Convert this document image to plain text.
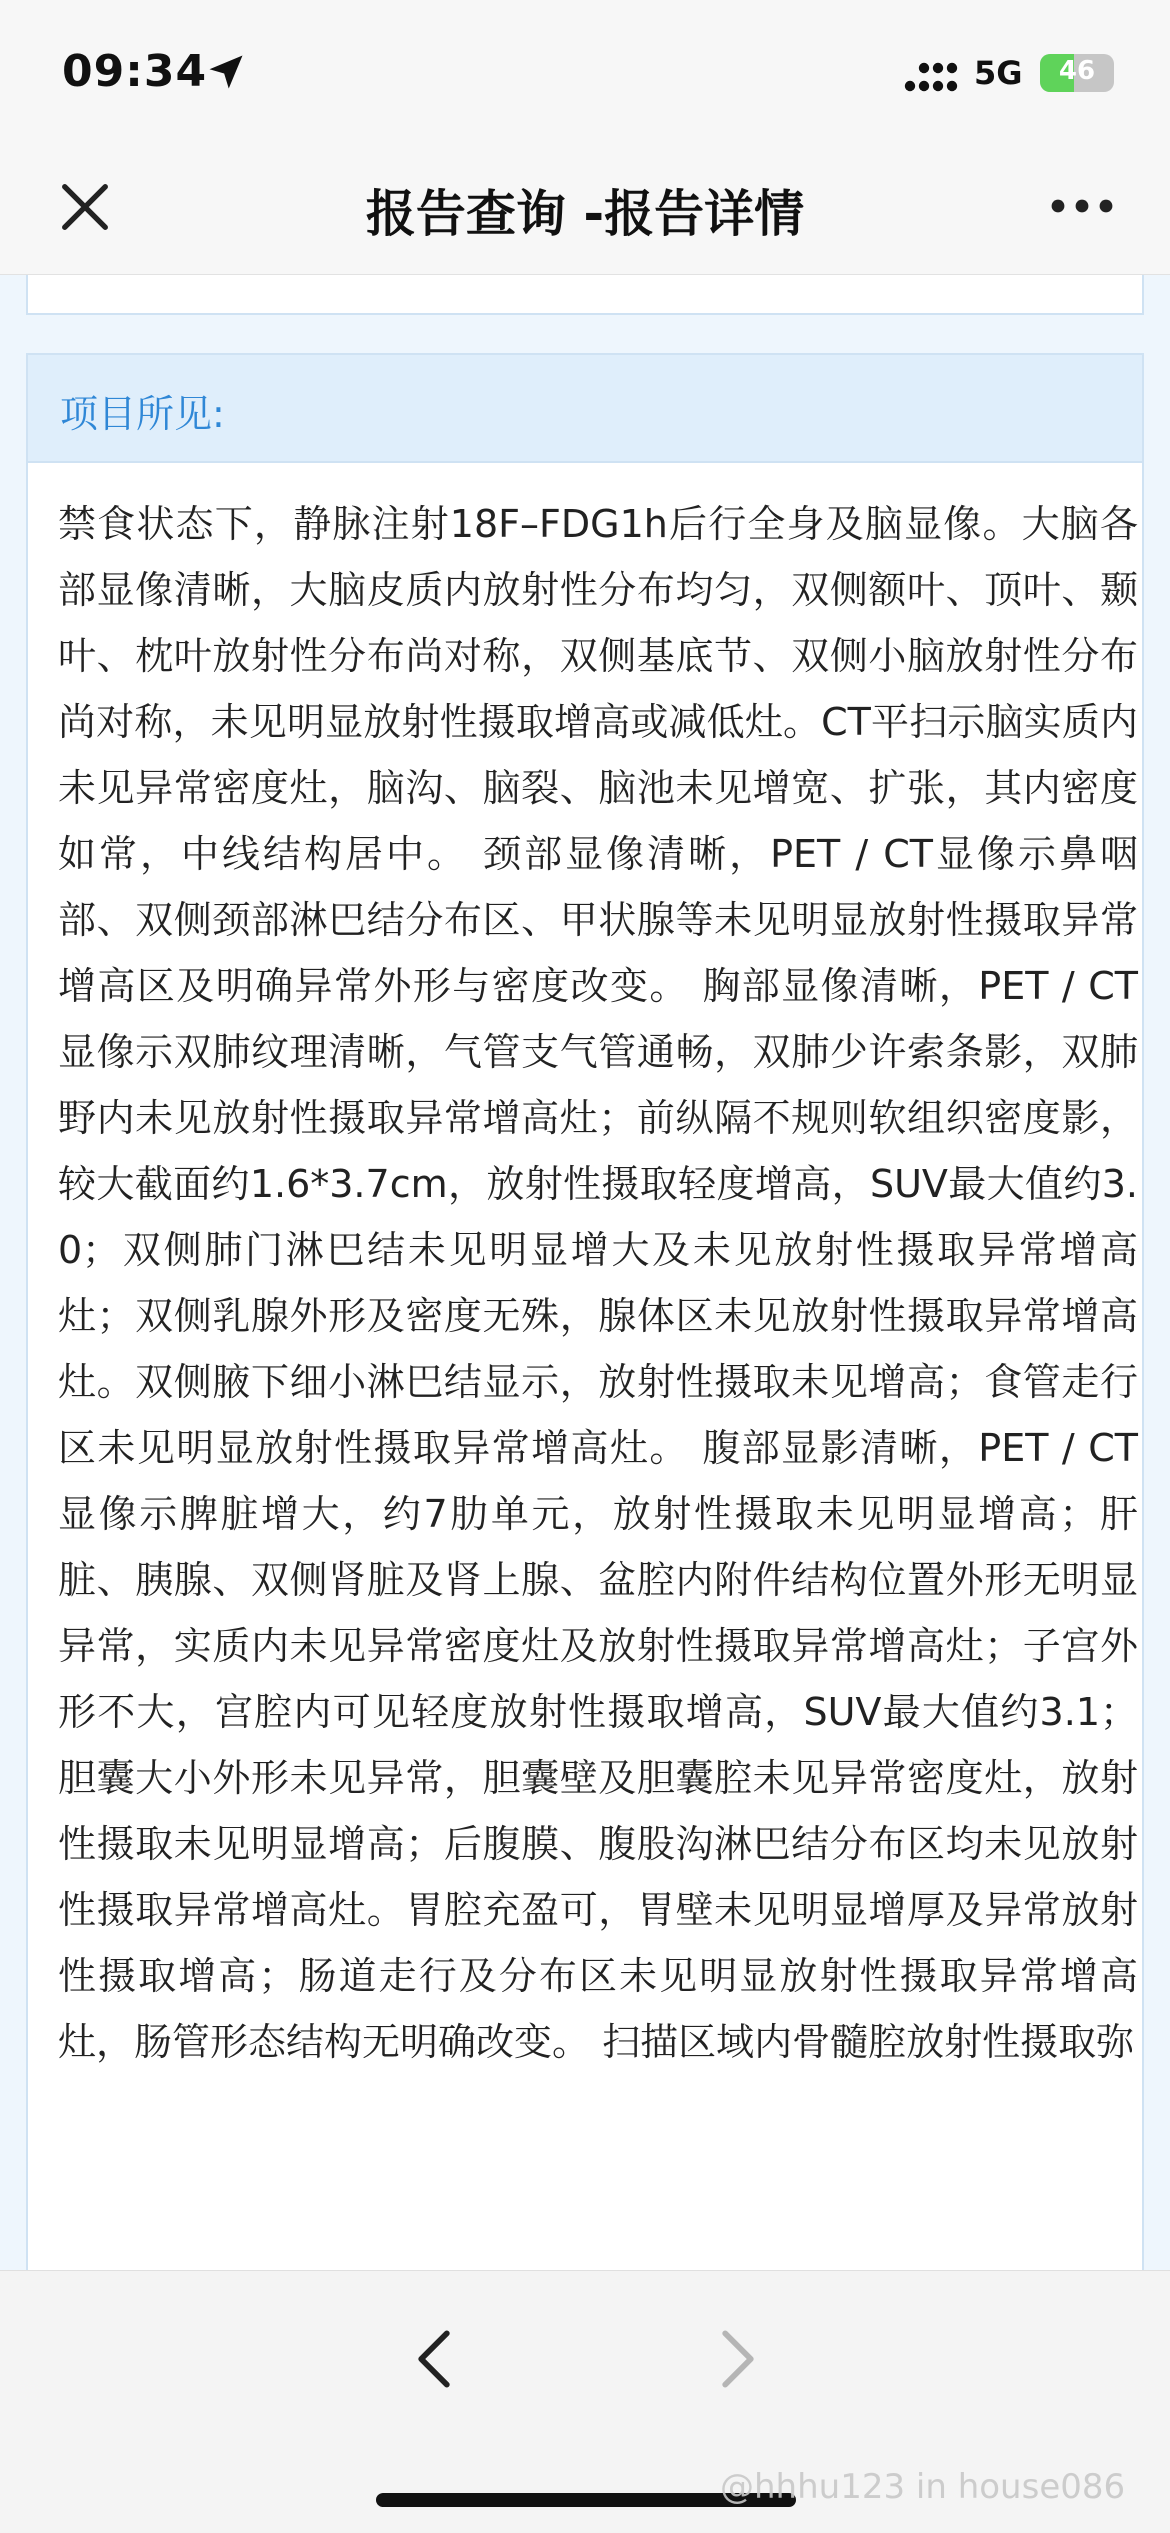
09:34	5G	46
报告查询 -报告详情
项目所见:
禁食状态下，静脉注射18F–FDG1h后行全身及脑显像。大脑各部显像清晰，大脑皮质内放射性分布均匀，双侧额叶、顶叶、颞叶、枕叶放射性分布尚对称，双侧基底节、双侧小脑放射性分布尚对称，未见明显放射性摄取增高或减低灶。CT平扫示脑实质内未见异常密度灶，脑沟、脑裂、脑池未见增宽、扩张，其内密度如常，中线结构居中。 颈部显像清晰，PET / CT显像示鼻咽部、双侧颈部淋巴结分布区、甲状腺等未见明显放射性摄取异常增高区及明确异常外形与密度改变。 胸部显像清晰，PET / CT显像示双肺纹理清晰，气管支气管通畅，双肺少许索条影，双肺野内未见放射性摄取异常增高灶；前纵隔不规则软组织密度影，较大截面约1.6*3.7cm，放射性摄取轻度增高，SUV最大值约3.0；双侧肺门淋巴结未见明显增大及未见放射性摄取异常增高灶；双侧乳腺外形及密度无殊，腺体区未见放射性摄取异常增高灶。双侧腋下细小淋巴结显示，放射性摄取未见增高；食管走行区未见明显放射性摄取异常增高灶。 腹部显影清晰，PET / CT显像示脾脏增大，约7肋单元，放射性摄取未见明显增高；肝脏、胰腺、双侧肾脏及肾上腺、盆腔内附件结构位置外形无明显异常，实质内未见异常密度灶及放射性摄取异常增高灶；子宫外形不大，宫腔内可见轻度放射性摄取增高，SUV最大值约3.1；胆囊大小外形未见异常，胆囊壁及胆囊腔未见异常密度灶，放射性摄取未见明显增高；后腹膜、腹股沟淋巴结分布区均未见放射性摄取异常增高灶。胃腔充盈可，胃壁未见明显增厚及异常放射性摄取增高；肠道走行及分布区未见明显放射性摄取异常增高灶，肠管形态结构无明确改变。 扫描区域内骨髓腔放射性摄取弥
@hhhu123 in house086
